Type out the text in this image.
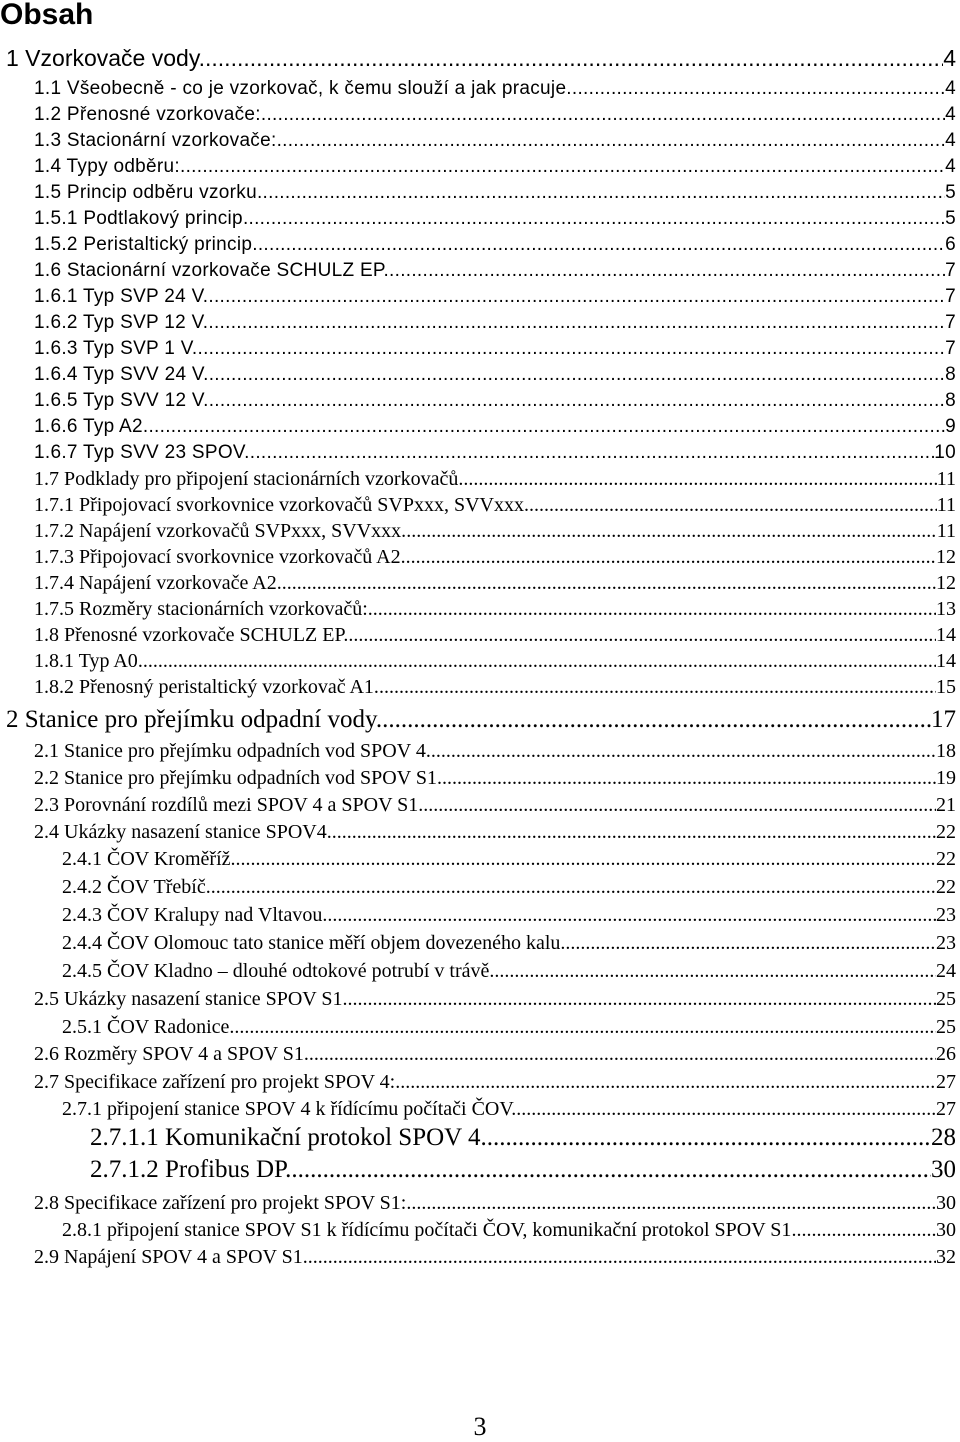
Obsah
1 Vzorkovače vody. .....	4
1.1 Všeobecně - co je vzorkovač, k čemu slouží a jak pracuje. .....	4
1.2 Přenosné vzorkovače: .....	4
1.3 Stacionární vzorkovače: .....	4
1.4 Typy odběru: .....	4
1.5 Princip odběru vzorku. .....	5
1.5.1 Podtlakový princip .....	5
1.5.2 Peristaltický princip .....	6
1.6 Stacionární vzorkovače SCHULZ EP. .....	7
1.6.1 Typ SVP 24 V. .....	7
1.6.2 Typ SVP 12 V. .....	7
1.6.3 Typ SVP 1 V. .....	7
1.6.4 Typ SVV 24 V. .....	8
1.6.5 Typ SVV 12 V. .....	8
1.6.6 Typ A2. .....	9
1.6.7 Typ SVV 23 SPOV. .....	10
1.7 Podklady pro připojení stacionárních vzorkovačů. .....	11
1.7.1 Připojovací svorkovnice vzorkovačů SVPxxx, SVVxxx. .....	11
1.7.2 Napájení vzorkovačů SVPxxx, SVVxxx. .....	11
1.7.3 Připojovací svorkovnice vzorkovačů A2. .....	12
1.7.4 Napájení vzorkovače A2. .....	12
1.7.5 Rozměry stacionárních vzorkovačů: .....	13
1.8 Přenosné vzorkovače SCHULZ EP. .....	14
1.8.1 Typ A0 .....	14
1.8.2 Přenosný peristaltický vzorkovač A1. .....	15
2 Stanice pro přejímku odpadní vody. .....	17
2.1 Stanice pro přejímku odpadních vod SPOV 4 .....	18
2.2 Stanice pro přejímku odpadních vod SPOV S1. .....	19
2.3 Porovnání rozdílů mezi SPOV 4 a SPOV S1. .....	21
2.4 Ukázky nasazení stanice SPOV4. .....	22
2.4.1 ČOV Kroměříž. .....	22
2.4.2 ČOV Třebíč. .....	22
2.4.3 ČOV Kralupy nad Vltavou. .....	23
2.4.4 ČOV Olomouc tato stanice měří objem dovezeného kalu. .....	23
2.4.5 ČOV Kladno – dlouhé odtokové potrubí v trávě. .....	24
2.5 Ukázky nasazení stanice SPOV S1. .....	25
2.5.1 ČOV Radonice. .....	25
2.6 Rozměry SPOV 4 a SPOV S1. .....	26
2.7 Specifikace zařízení pro projekt SPOV 4: .....	27
2.7.1 připojení stanice SPOV 4 k řídícímu počítači ČOV. .....	27
2.7.1.1 Komunikační protokol SPOV 4. .....	28
2.7.1.2 Profibus DP. .....	30
2.8 Specifikace zařízení pro projekt SPOV S1: .....	30
2.8.1 připojení stanice SPOV S1 k řídícímu počítači ČOV, komunikační protokol SPOV S1 .....	30
2.9 Napájení SPOV 4 a SPOV S1. .....	32
3
